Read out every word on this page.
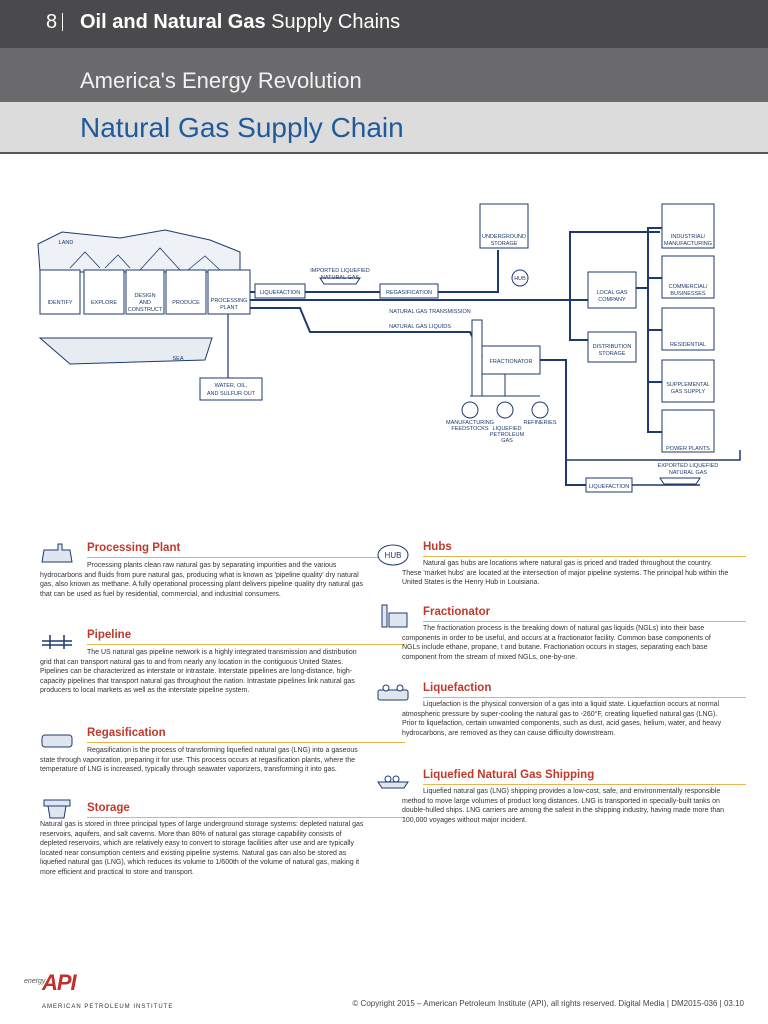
8 Oil and Natural Gas Supply Chains
America's Energy Revolution
Natural Gas Supply Chain
LAND
SEA
IDENTIFY	EXPLORE
DESIGN
AND
CONSTRUCT
PRODUCE PROCESSING
PLANT
LIQUEFACTION
IMPORTED LIQUEFIED
NATURAL GAS
REGASIFICATION
UNDERGROUND
STORAGE
HUB
NATURAL GAS TRANSMISSION
NATURAL GAS LIQUIDS
FRACTIONATOR
WATER, OIL,
AND SULFUR OUT
MANUFACTURING
FEEDSTOCKS LIQUEFIED
PETROLEUM
GAS
REFINERIES
LOCAL GAS
COMPANY
DISTRIBUTION
STORAGE
INDUSTRIAL/
MANUFACTURING
COMMERCIAL/
BUSINESSES
RESIDENTIAL
SUPPLEMENTAL
GAS SUPPLY
POWER PLANTS
EXPORTED LIQUEFIED
NATURAL GAS
LIQUEFACTION
Processing Plant

Processing plants clean raw natural gas by separating impurities and the various hydrocarbons and fluids from pure natural gas, producing what is known as 'pipeline quality' dry natural gas, also known as methane. A fully operational processing plant delivers pipeline quality dry natural gas that can be used as fuel by residential, commercial, and industrial consumers.

Pipeline

The US natural gas pipeline network is a highly integrated transmission and distribution grid that can transport natural gas to and from nearly any location in the contiguous United States. Pipelines can be characterized as interstate or intrastate. Interstate pipelines are long-distance, high-capacity pipelines that transport natural gas throughout the nation. Intrastate pipelines link natural gas producers to local markets as well as the interstate pipeline system.

Regasification

Regasification is the process of transforming liquefied natural gas (LNG) into a gaseous state through vaporization, preparing it for use. This process occurs at regasification plants, where the temperature of LNG is increased, typically through seawater vaporizers, transforming it into gas.

Storage

Natural gas is stored in three principal types of large underground storage systems: depleted natural gas reservoirs, aquifers, and salt caverns. More than 80% of natural gas storage capability consists of depleted reservoirs, which are relatively easy to convert to storage facilities after use and are typically located near consumption centers and existing pipeline systems. Natural gas can also be stored as liquefied natural gas (LNG), which reduces its volume to 1/600th of the volume of natural gas, making it more efficient and practical to store and transport.

HUB
Hubs

Natural gas hubs are locations where natural gas is priced and traded throughout the country. These 'market hubs' are located at the intersection of major pipeline systems. The principal hub within the United States is the Henry Hub in Louisiana.

Fractionator

The fractionation process is the breaking down of natural gas liquids (NGLs) into their base components in order to be useful, and occurs at a fractionator facility. Common base components of NGLs include ethane, propane, t and butane. Fractionation occurs in stages, separating each base component from the stream of mixed NGLs, one-by-one.

Liquefaction

Liquefaction is the physical conversion of a gas into a liquid state. Liquefaction occurs at normal atmospheric pressure by super-cooling the natural gas to -260°F, creating liquefied natural gas (LNG). Prior to liquefaction, certain unwanted components, such as dust, acid gases, helium, water, and heavy hydrocarbons, are removed as they can cause difficulty downstream.

Liquefied Natural Gas Shipping

Liquefied natural gas (LNG) shipping provides a low-cost, safe, and environmentally responsible method to move large volumes of product long distances. LNG is transported in specially-built tanks on double-hulled ships. LNG carriers are among the safest in the shipping industry, having made more than 100,000 voyages without major incident.

energy
API
AMERICAN PETROLEUM INSTITUTE	© Copyright 2015 – American Petroleum Institute (API), all rights reserved. Digital Media | DM2015-036 | 03.10
